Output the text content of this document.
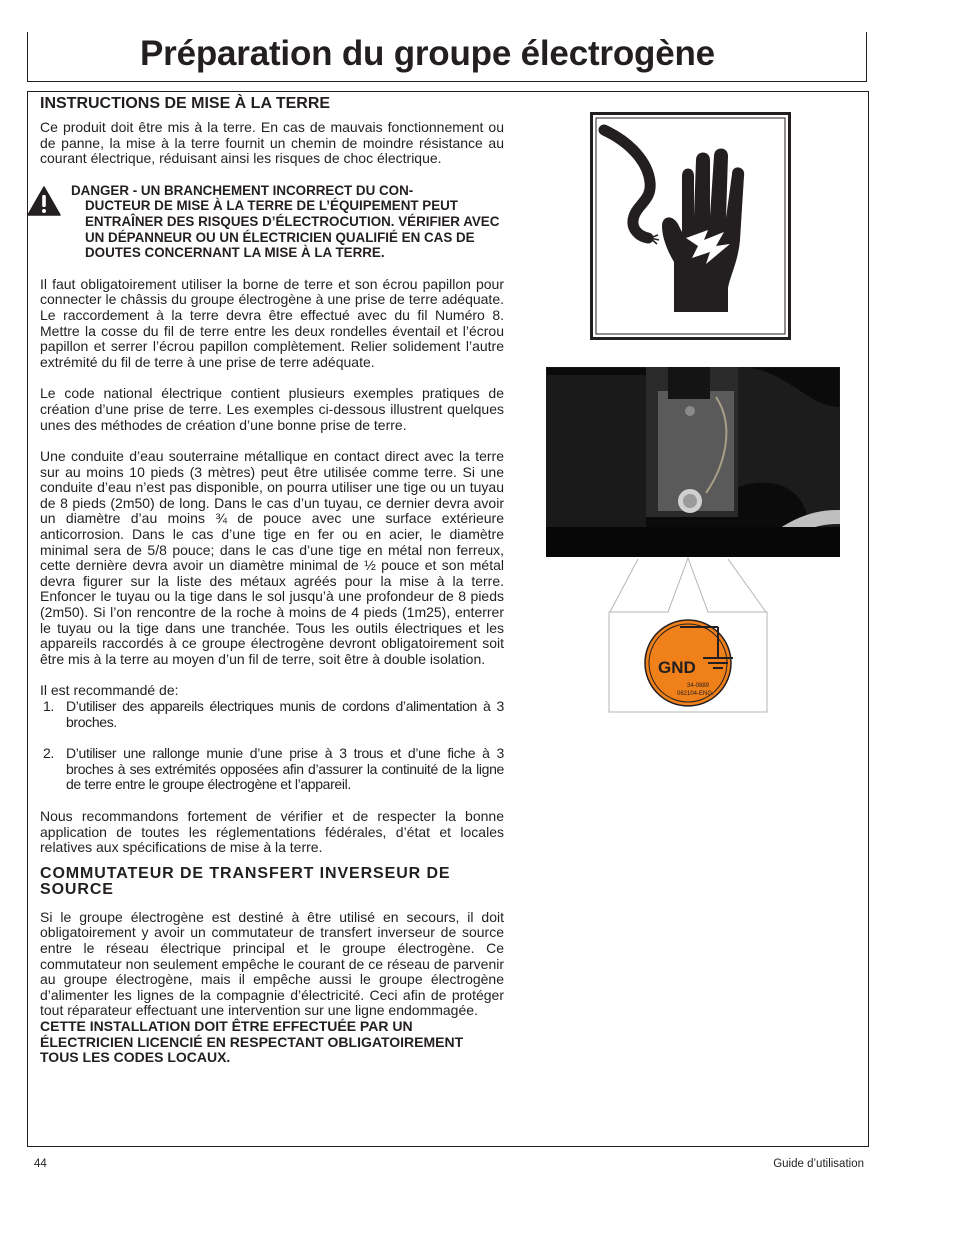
Préparation du groupe électrogène
INSTRUCTIONS DE MISE À LA TERRE

Ce produit doit être mis à la terre. En cas de mauvais fonctionnement ou de panne, la mise à la terre fournit un chemin de moindre résistance au courant électrique, réduisant ainsi les risques de choc électrique.

DANGER - UN BRANCHEMENT INCORRECT DU CON-
DUCTEUR DE MISE À LA TERRE DE L’ÉQUIPEMENT PEUT ENTRAÎNER DES RISQUES D’ÉLECTROCUTION. VÉRIFIER AVEC UN DÉPANNEUR OU UN ÉLECTRICIEN QUALIFIÉ EN CAS DE DOUTES CONCERNANT LA MISE À LA TERRE.

Il faut obligatoirement utiliser la borne de terre et son écrou papillon pour connecter le châssis du groupe électrogène à une prise de terre adéquate. Le raccordement à la terre devra être effectué avec du fil Numéro 8. Mettre la cosse du fil de terre entre les deux rondelles éventail et l’écrou papillon et serrer l’écrou papillon complètement. Relier solidement l’autre extrémité du fil de terre à une prise de terre adéquate.

Le code national électrique contient plusieurs exemples pratiques de création d’une prise de terre. Les exemples ci-dessous illustrent quelques unes des méthodes de création d’une bonne prise de terre.

Une conduite d’eau souterraine métallique en contact direct avec la terre sur au moins 10 pieds (3 mètres) peut être utilisée comme terre. Si une conduite d’eau n’est pas disponible, on pourra utiliser une tige ou un tuyau de 8 pieds (2m50) de long. Dans le cas d’un tuyau, ce dernier devra avoir un diamètre d’au moins ¾ de pouce avec une surface extérieure anticorrosion. Dans le cas d’une tige en fer ou en acier, le diamètre minimal sera de 5/8 pouce; dans le cas d’une tige en métal non ferreux, cette dernière devra avoir un diamètre minimal de ½ pouce et son métal devra figurer sur la liste des métaux agréés pour la mise à la terre. Enfoncer le tuyau ou la tige dans le sol jusqu’à une profondeur de 8 pieds (2m50). Si l’on rencontre de la roche à moins de 4 pieds (1m25), enterrer le tuyau ou la tige dans une tranchée. Tous les outils électriques et les appareils raccordés à ce groupe électrogène devront obligatoirement soit être mis à la terre au moyen d’un fil de terre, soit être à double isolation.

Il est recommandé de:

1. D’utiliser des appareils électriques munis de cordons d’alimentation à 3 broches.
2. D’utiliser une rallonge munie d’une prise à 3 trous et d’une fiche à 3 broches à ses extrémités opposées afin d’assurer la continuité de la ligne de terre entre le groupe électrogène et l’appareil.

Nous recommandons fortement de vérifier et de respecter la bonne application de toutes les réglementations fédérales, d’état et locales relatives aux spécifications de mise à la terre.

COMMUTATEUR DE TRANSFERT INVERSEUR DE SOURCE

Si le groupe électrogène est destiné à être utilisé en secours, il doit obligatoirement y avoir un commutateur de transfert inverseur de source entre le réseau électrique principal et le groupe électrogène. Ce commutateur non seulement empêche le courant de ce réseau de parvenir au groupe électrogène, mais il empêche aussi le groupe électrogène d’alimenter les lignes de la compagnie d’électricité. Ceci afin de protéger tout réparateur effectuant une intervention sur une ligne endommagée.

CETTE INSTALLATION DOIT ÊTRE EFFECTUÉE PAR UN ÉLECTRICIEN LICENCIÉ EN RESPECTANT OBLIGATOIREMENT TOUS LES CODES LOCAUX.

GND
34-0889
062104-ENG.
44	Guide d’utilisation
